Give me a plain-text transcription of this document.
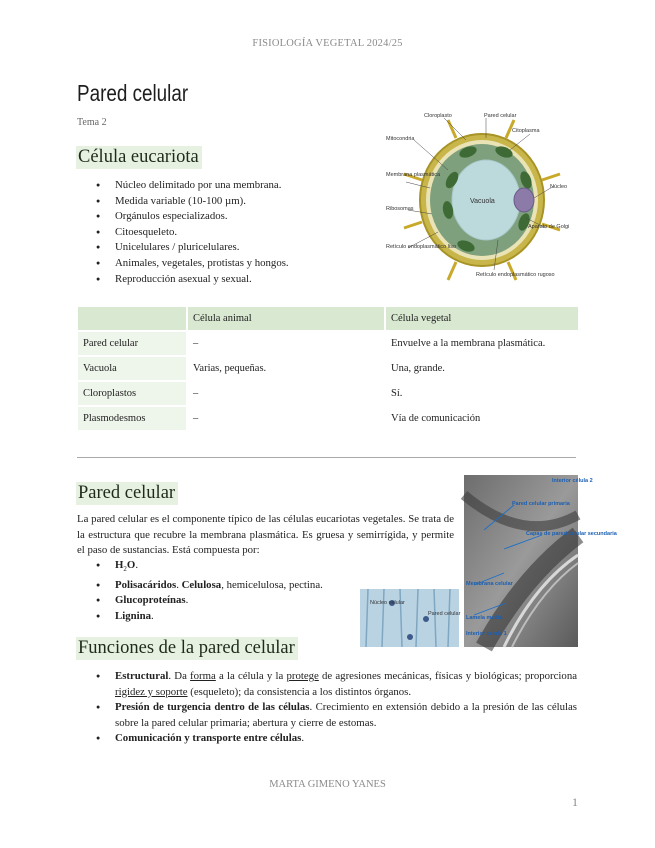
FISIOLOGÍA VEGETAL 2024/25
Pared celular
Tema 2
Célula eucariota
● Núcleo delimitado por una membrana.
● Medida variable (10-100 µm).
● Orgánulos especializados.
● Citoesqueleto.
● Unicelulares / pluricelulares.
● Animales, vegetales, protistas y hongos.
● Reproducción asexual y sexual.
Cloroplasto	Pared celular
Mitocondria
Citoplasma
Membrana plasmática
Núcleo
Ribosomas
Vacuola
Aparato de Golgi
Retículo endoplasmático liso
Retículo endoplasmático rugoso
	Célula animal	Célula vegetal
Pared celular	–	Envuelve a la membrana plasmática.
Vacuola	Varias, pequeñas.	Una, grande.
Cloroplastos	–	Sí.
Plasmodesmos	–	Vía de comunicación
Pared celular
La pared celular es el componente típico de las células eucariotas vegetales. Se trata de la estructura que recubre la membrana plasmática. Es gruesa y semirrígida, y permite el paso de sustancias. Está compuesta por:
● $H_2O$.
● Polisacáridos. Celulosa, hemicelulosa, pectina.
● Glucoproteínas.
● Lignina.
Interior célula 2
Pared celular primaria
Capas de pared celular secundaria
Membrana celular
Lamela media
Interior célula 1
Núcleo celular
Pared celular
Funciones de la pared celular
● Estructural. Da forma a la célula y la protege de agresiones mecánicas, físicas y biológicas; proporciona rigidez y soporte (esqueleto); da consistencia a los distintos órganos.
● Presión de turgencia dentro de las células. Crecimiento en extensión debido a la presión de las células sobre la pared celular primaria; abertura y cierre de estomas.
● Comunicación y transporte entre células.
MARTA GIMENO YANES
1
